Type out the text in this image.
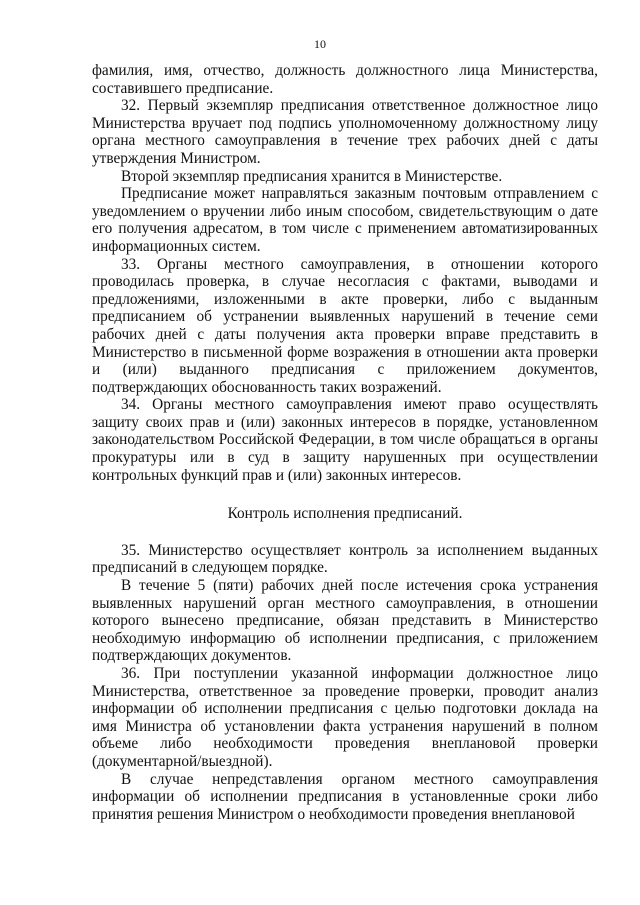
10

фамилия, имя, отчество, должность должностного лица Министерства, составившего предписание.

32. Первый экземпляр предписания ответственное должностное лицо Министерства вручает под подпись уполномоченному должностному лицу органа местного самоуправления в течение трех рабочих дней с даты утверждения Министром.

Второй экземпляр предписания хранится в Министерстве.

Предписание может направляться заказным почтовым отправлением с уведомлением о вручении либо иным способом, свидетельствующим о дате его получения адресатом, в том числе с применением автоматизированных информационных систем.

33. Органы местного самоуправления, в отношении которого проводилась проверка, в случае несогласия с фактами, выводами и предложениями, изложенными в акте проверки, либо с выданным предписанием об устранении выявленных нарушений в течение семи рабочих дней с даты получения акта проверки вправе представить в Министерство в письменной форме возражения в отношении акта проверки и (или) выданного предписания с приложением документов, подтверждающих обоснованность таких возражений.

34. Органы местного самоуправления имеют право осуществлять защиту своих прав и (или) законных интересов в порядке, установленном законодательством Российской Федерации, в том числе обращаться в органы прокуратуры или в суд в защиту нарушенных при осуществлении контрольных функций прав и (или) законных интересов.

Контроль исполнения предписаний.

35. Министерство осуществляет контроль за исполнением выданных предписаний в следующем порядке.

В течение 5 (пяти) рабочих дней после истечения срока устранения выявленных нарушений орган местного самоуправления, в отношении которого вынесено предписание, обязан представить в Министерство необходимую информацию об исполнении предписания, с приложением подтверждающих документов.

36. При поступлении указанной информации должностное лицо Министерства, ответственное за проведение проверки, проводит анализ информации об исполнении предписания с целью подготовки доклада на имя Министра об установлении факта устранения нарушений в полном объеме либо необходимости проведения внеплановой проверки (документарной/выездной).

В случае непредставления органом местного самоуправления информации об исполнении предписания в установленные сроки либо принятия решения Министром о необходимости проведения внеплановой
